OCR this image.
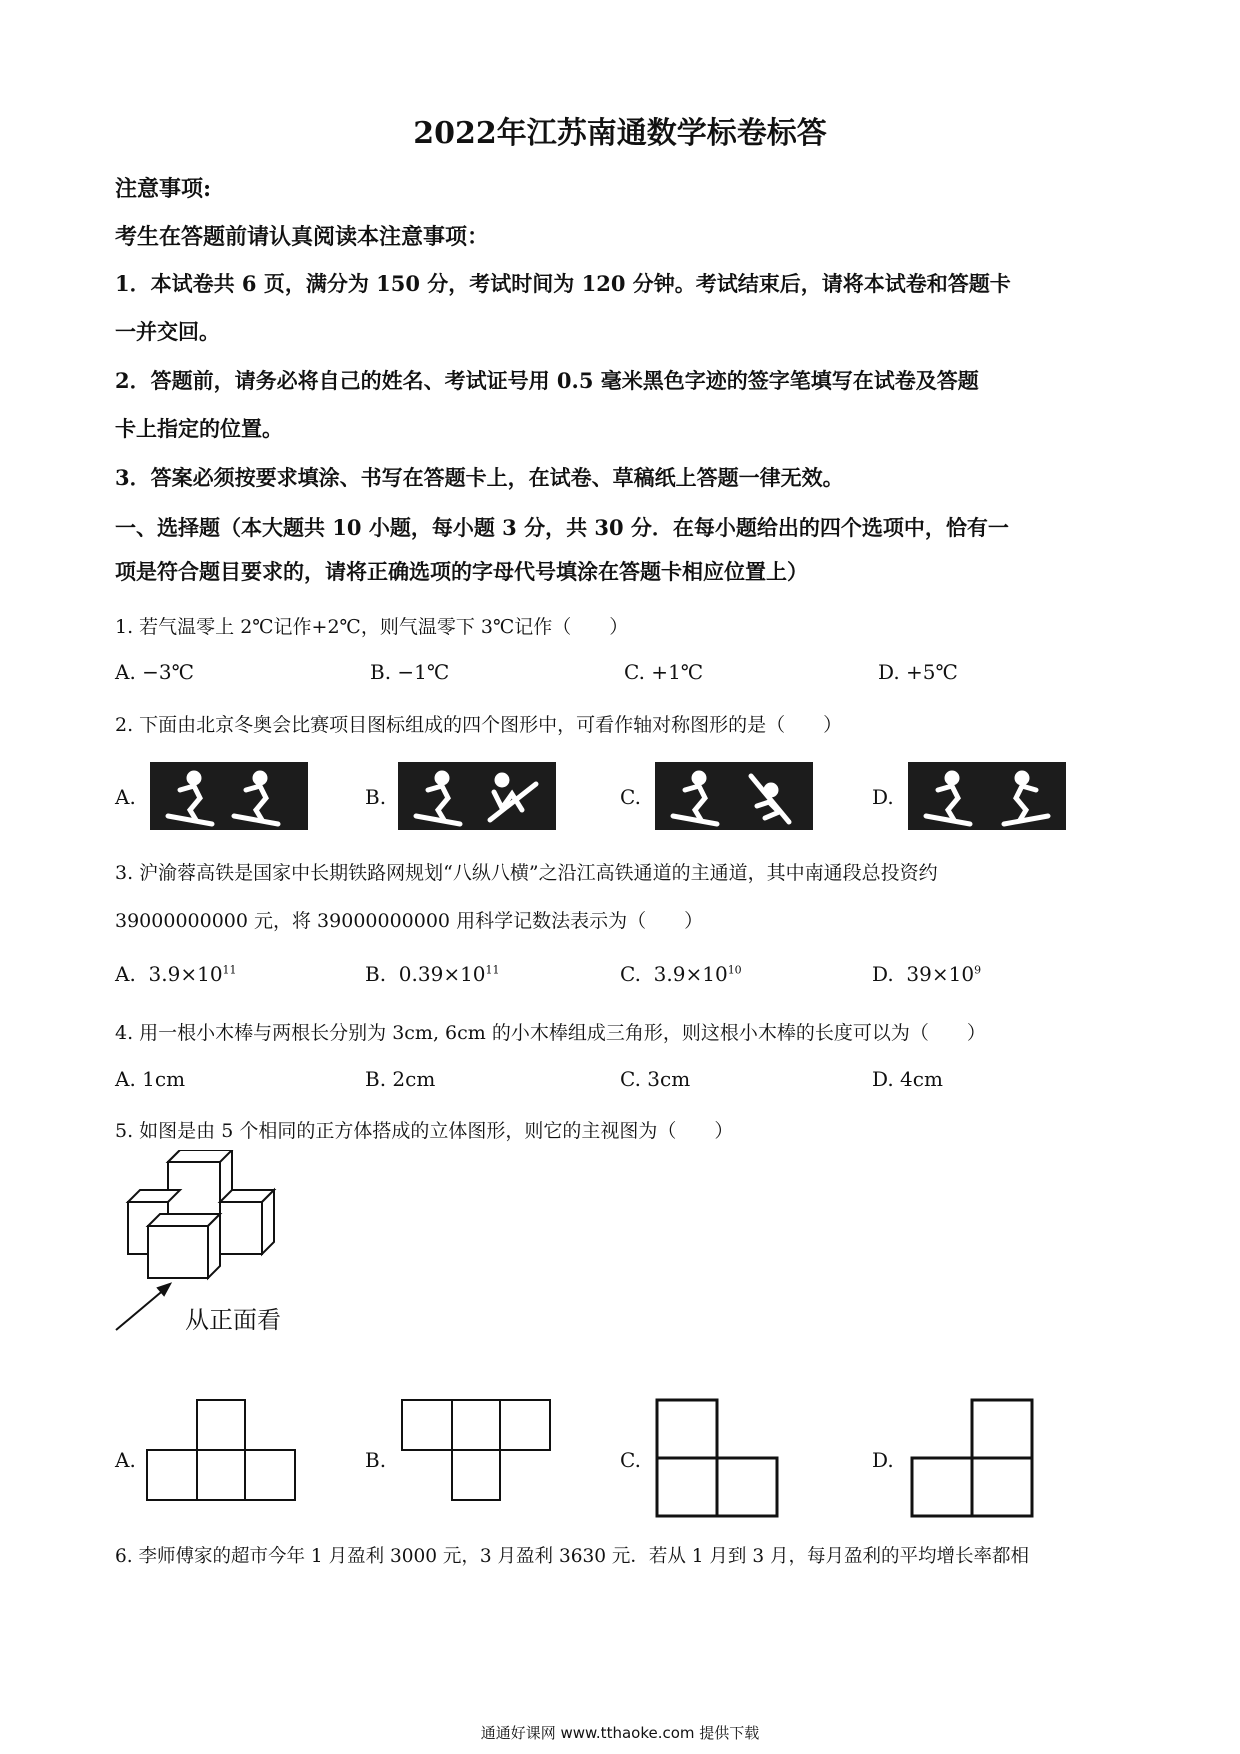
2022年江苏南通数学标卷标答
注意事项:
考生在答题前请认真阅读本注意事项：
1．本试卷共 6 页，满分为 150 分，考试时间为 120 分钟。考试结束后，请将本试卷和答题卡
一并交回。
2．答题前，请务必将自己的姓名、考试证号用 0.5 毫米黑色字迹的签字笔填写在试卷及答题
卡上指定的位置。
3．答案必须按要求填涂、书写在答题卡上，在试卷、草稿纸上答题一律无效。
一、选择题（本大题共 10 小题，每小题 3 分，共 30 分．在每小题给出的四个选项中，恰有一
项是符合题目要求的，请将正确选项的字母代号填涂在答题卡相应位置上）
1. 若气温零上 2℃记作+2℃，则气温零下 3℃记作（　　）
A. −3℃	B. −1℃	C. +1℃	D. +5℃
2. 下面由北京冬奥会比赛项目图标组成的四个图形中，可看作轴对称图形的是（　　）
A.	B.	C.	D.
3. 沪渝蓉高铁是国家中长期铁路网规划“八纵八横”之沿江高铁通道的主通道，其中南通段总投资约
39000000000 元，将 39000000000 用科学记数法表示为（　　）
A. $3.9\times 10^{11}$	B. $0.39\times 10^{11}$	C. $3.9\times 10^{10}$	D. $39\times 10^9$
4. 用一根小木棒与两根长分别为 3cm, 6cm 的小木棒组成三角形，则这根小木棒的长度可以为（　　）
A. 1cm	B. 2cm	C. 3cm	D. 4cm
5. 如图是由 5 个相同的正方体搭成的立体图形，则它的主视图为（　　）
从正面看
A.	B.	C.	D.
6. 李师傅家的超市今年 1 月盈利 3000 元，3 月盈利 3630 元．若从 1 月到 3 月，每月盈利的平均增长率都相
通通好课网 www.tthaoke.com 提供下载
